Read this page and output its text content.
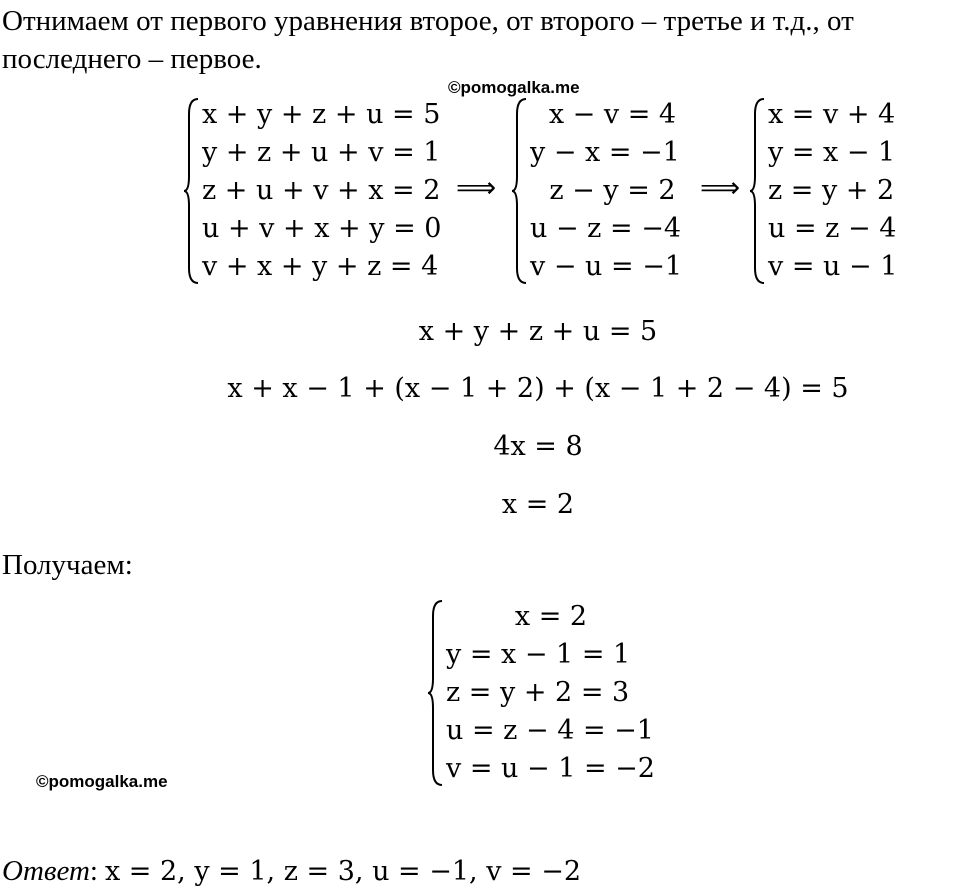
Отнимаем от первого уравнения второе, от второго – третье и т.д., от
последнего – первое.
©pomogalka.me
x + y + z + u = 5
y + z + u + v = 1
z + u + v + x = 2
u + v + x + y = 0
v + x + y + z = 4
⟹
x − v = 4
y − x = −1
z − y = 2
u − z = −4
v − u = −1
⟹
x = v + 4
y = x − 1
z = y + 2
u = z − 4
v = u − 1
x + y + z + u = 5
x + x − 1 + (x − 1 + 2) + (x − 1 + 2 − 4) = 5
4x = 8
x = 2
Получаем:
x = 2
y = x − 1 = 1
z = y + 2 = 3
u = z − 4 = −1
v = u − 1 = −2
©pomogalka.me
Ответ: x = 2, y = 1, z = 3, u = −1, v = −2
